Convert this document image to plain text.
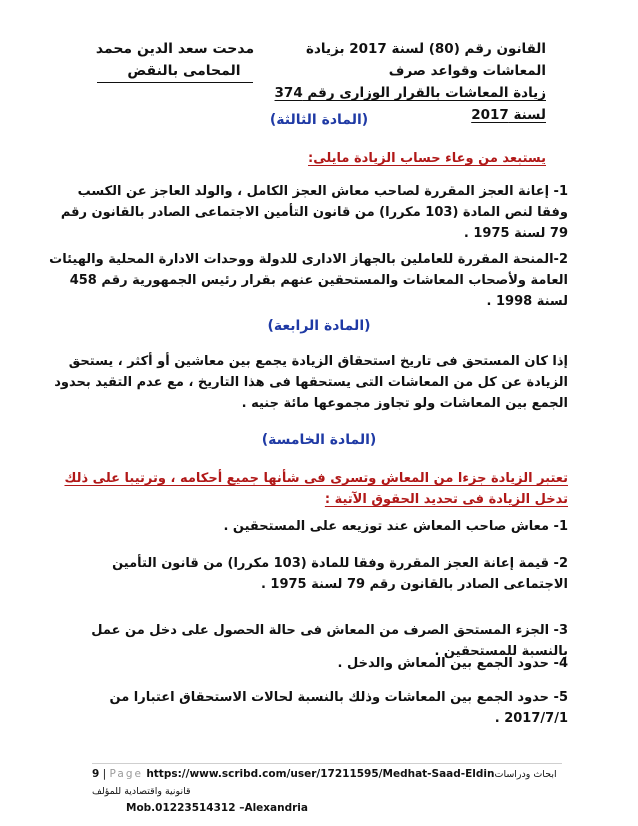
القانون رقم (80) لسنة 2017 بزيادة المعاشات وقواعد صرف
زيادة المعاشات بالقرار الوزارى رقم 374 لسنة 2017
مدحت سعد الدين محمد
المحامى بالنقض
(المادة الثالثة)
يستبعد من وعاء حساب الزيادة مايلى:
1- إعانة العجز المقررة لصاحب معاش العجز الكامل ، والولد العاجز عن الكسب وفقا لنص المادة (103 مكررا) من قانون التأمين الاجتماعى الصادر بالقانون رقم 79 لسنة 1975 .
2-المنحة المقررة للعاملين بالجهاز الادارى للدولة ووحدات الادارة المحلية والهيئات العامة ولأصحاب المعاشات والمستحقين عنهم بقرار رئيس الجمهورية رقم 458 لسنة 1998 .
(المادة الرابعة)
إذا كان المستحق فى تاريخ استحقاق الزيادة يجمع بين معاشين أو أكثر ، يستحق الزيادة عن كل من المعاشات التى يستحقها فى هذا التاريخ ، مع عدم التقيد بحدود الجمع بين المعاشات ولو تجاوز مجموعها مائة جنيه .
(المادة الخامسة)
تعتبر الزيادة جزءا من المعاش وتسرى فى شأنها جميع أحكامه ، وترتيبا على ذلك تدخل الزيادة فى تحديد الحقوق الآتية :
1- معاش صاحب المعاش عند توزيعه على المستحقين .
2- قيمة إعانة العجز المقررة وفقا للمادة (103 مكررا) من قانون التأمين الاجتماعى الصادر بالقانون رقم 79 لسنة 1975 .
3- الجزء المستحق الصرف من المعاش فى حالة الحصول على دخل من عمل بالنسبة للمستحقين .
4- حدود الجمع بين المعاش والدخل .
5- حدود الجمع بين المعاشات وذلك بالنسبة لحالات الاستحقاق اعتبارا من 2017/7/1 .
9 | Page https://www.scribd.com/user/17211595/Medhat-Saad-Eldinابحاث ودراسات قانونية واقتصادية للمؤلف
Mob.01223514312 –Alexandria
